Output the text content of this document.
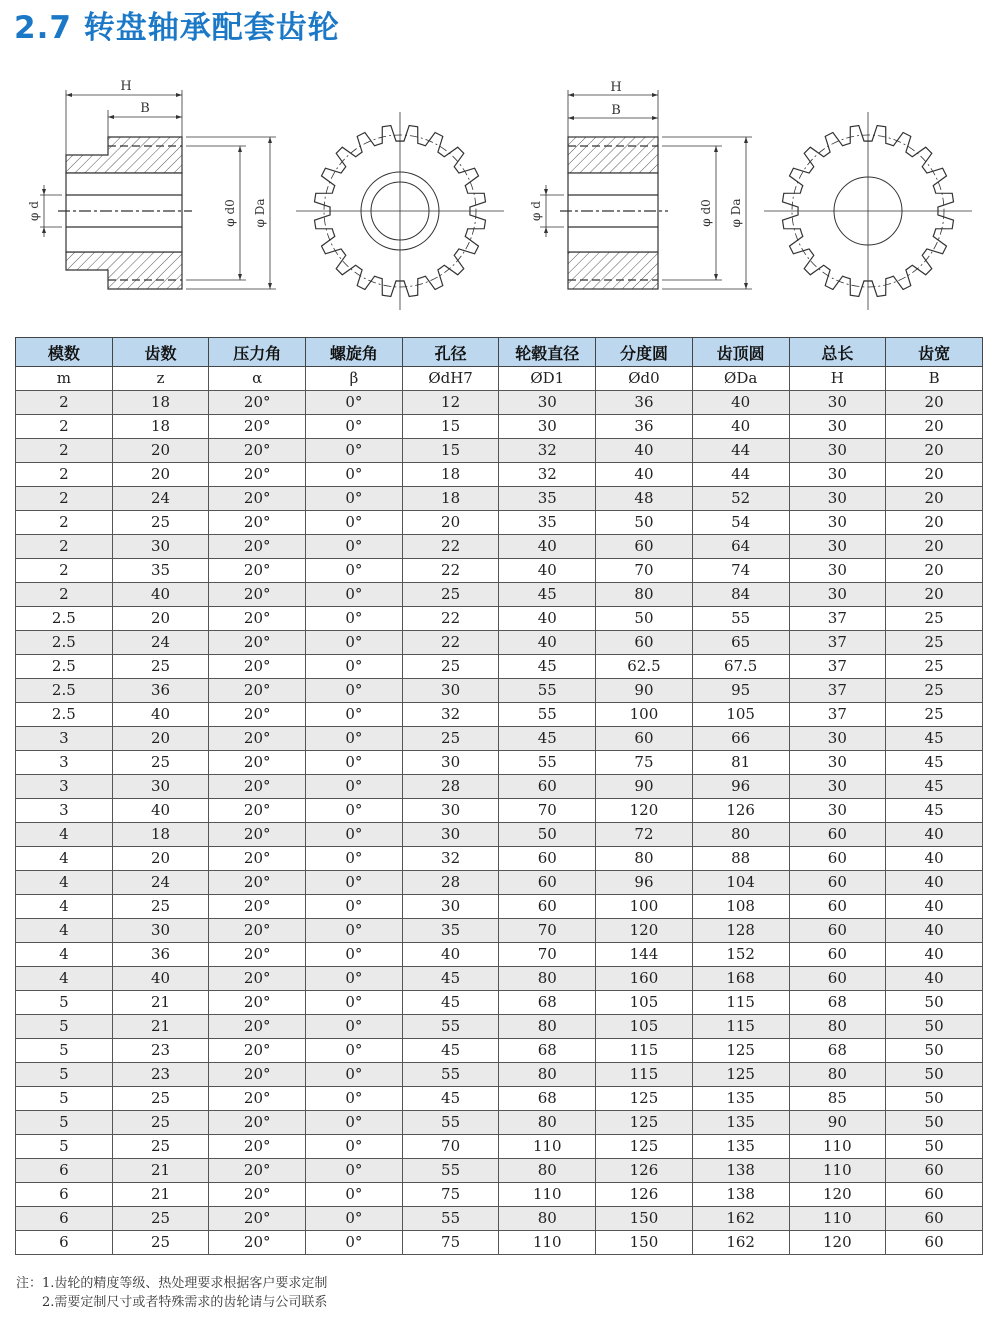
2.7 转盘轴承配套齿轮
H
B
φ d	φ d0 φ Da
H
B
φ d	φ d0 φ Da
模数	齿数	压力角	螺旋角	孔径	轮毂直径	分度圆	齿顶圆	总长	齿宽
m	z	α	β	ØdH7	ØD1	Ød0	ØDa	H	B
2	18	20°	0°	12	30	36	40	30	20
2	18	20°	0°	15	30	36	40	30	20
2	20	20°	0°	15	32	40	44	30	20
2	20	20°	0°	18	32	40	44	30	20
2	24	20°	0°	18	35	48	52	30	20
2	25	20°	0°	20	35	50	54	30	20
2	30	20°	0°	22	40	60	64	30	20
2	35	20°	0°	22	40	70	74	30	20
2	40	20°	0°	25	45	80	84	30	20
2.5	20	20°	0°	22	40	50	55	37	25
2.5	24	20°	0°	22	40	60	65	37	25
2.5	25	20°	0°	25	45	62.5	67.5	37	25
2.5	36	20°	0°	30	55	90	95	37	25
2.5	40	20°	0°	32	55	100	105	37	25
3	20	20°	0°	25	45	60	66	30	45
3	25	20°	0°	30	55	75	81	30	45
3	30	20°	0°	28	60	90	96	30	45
3	40	20°	0°	30	70	120	126	30	45
4	18	20°	0°	30	50	72	80	60	40
4	20	20°	0°	32	60	80	88	60	40
4	24	20°	0°	28	60	96	104	60	40
4	25	20°	0°	30	60	100	108	60	40
4	30	20°	0°	35	70	120	128	60	40
4	36	20°	0°	40	70	144	152	60	40
4	40	20°	0°	45	80	160	168	60	40
5	21	20°	0°	45	68	105	115	68	50
5	21	20°	0°	55	80	105	115	80	50
5	23	20°	0°	45	68	115	125	68	50
5	23	20°	0°	55	80	115	125	80	50
5	25	20°	0°	45	68	125	135	85	50
5	25	20°	0°	55	80	125	135	90	50
5	25	20°	0°	70	110	125	135	110	50
6	21	20°	0°	55	80	126	138	110	60
6	21	20°	0°	75	110	126	138	120	60
6	25	20°	0°	55	80	150	162	110	60
6	25	20°	0°	75	110	150	162	120	60
注： 1.齿轮的精度等级、热处理要求根据客户要求定制
2.需要定制尺寸或者特殊需求的齿轮请与公司联系
